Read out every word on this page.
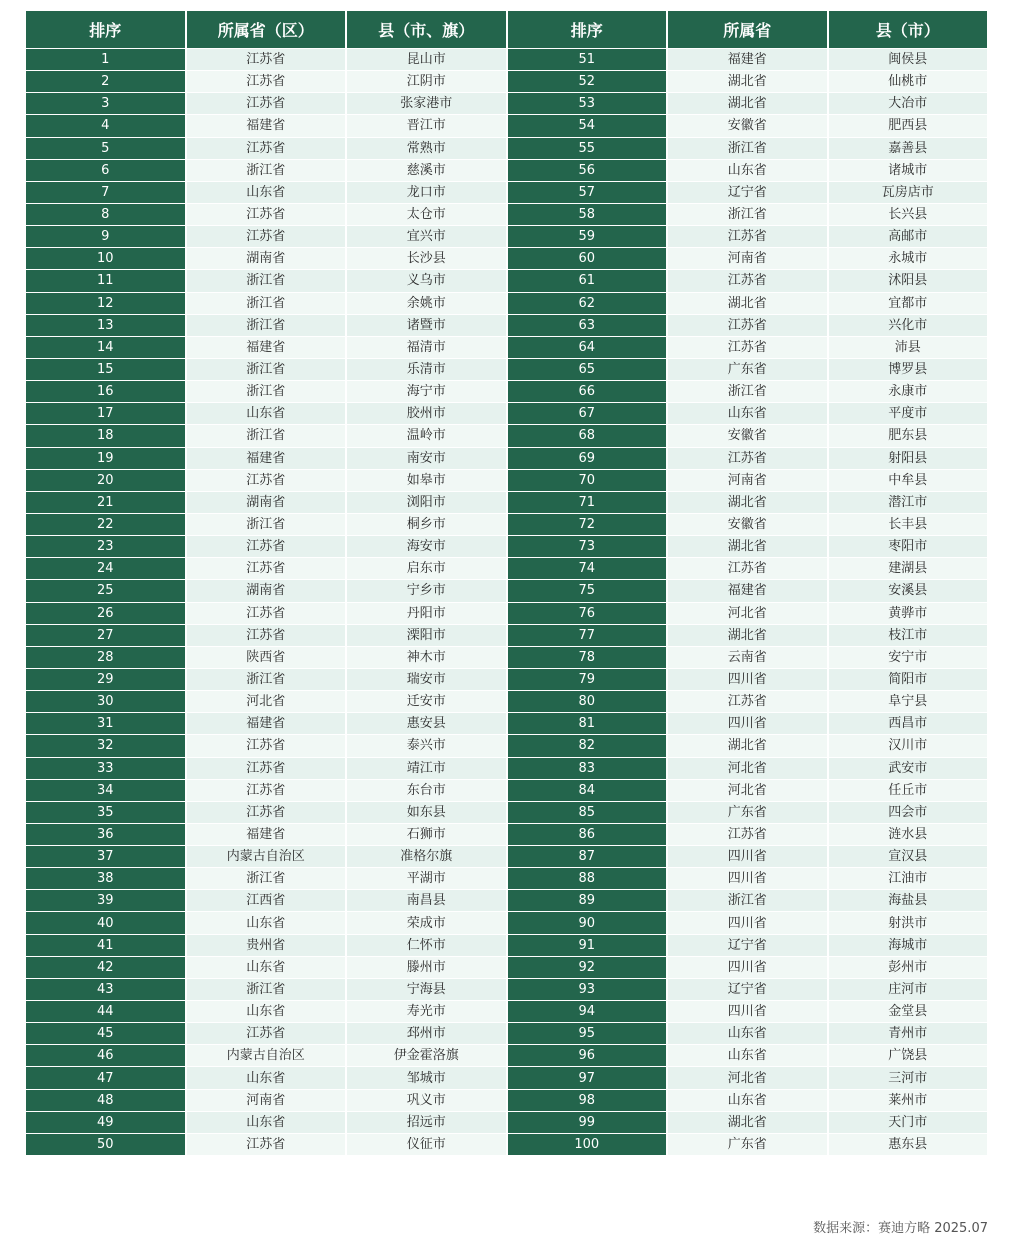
排序	所属省（区）	县（市、旗）	排序	所属省	县（市）
1	江苏省	昆山市	51	福建省	闽侯县
2	江苏省	江阴市	52	湖北省	仙桃市
3	江苏省	张家港市	53	湖北省	大冶市
4	福建省	晋江市	54	安徽省	肥西县
5	江苏省	常熟市	55	浙江省	嘉善县
6	浙江省	慈溪市	56	山东省	诸城市
7	山东省	龙口市	57	辽宁省	瓦房店市
8	江苏省	太仓市	58	浙江省	长兴县
9	江苏省	宜兴市	59	江苏省	高邮市
10	湖南省	长沙县	60	河南省	永城市
11	浙江省	义乌市	61	江苏省	沭阳县
12	浙江省	余姚市	62	湖北省	宜都市
13	浙江省	诸暨市	63	江苏省	兴化市
14	福建省	福清市	64	江苏省	沛县
15	浙江省	乐清市	65	广东省	博罗县
16	浙江省	海宁市	66	浙江省	永康市
17	山东省	胶州市	67	山东省	平度市
18	浙江省	温岭市	68	安徽省	肥东县
19	福建省	南安市	69	江苏省	射阳县
20	江苏省	如皋市	70	河南省	中牟县
21	湖南省	浏阳市	71	湖北省	潜江市
22	浙江省	桐乡市	72	安徽省	长丰县
23	江苏省	海安市	73	湖北省	枣阳市
24	江苏省	启东市	74	江苏省	建湖县
25	湖南省	宁乡市	75	福建省	安溪县
26	江苏省	丹阳市	76	河北省	黄骅市
27	江苏省	溧阳市	77	湖北省	枝江市
28	陕西省	神木市	78	云南省	安宁市
29	浙江省	瑞安市	79	四川省	简阳市
30	河北省	迁安市	80	江苏省	阜宁县
31	福建省	惠安县	81	四川省	西昌市
32	江苏省	泰兴市	82	湖北省	汉川市
33	江苏省	靖江市	83	河北省	武安市
34	江苏省	东台市	84	河北省	任丘市
35	江苏省	如东县	85	广东省	四会市
36	福建省	石狮市	86	江苏省	涟水县
37	内蒙古自治区	准格尔旗	87	四川省	宣汉县
38	浙江省	平湖市	88	四川省	江油市
39	江西省	南昌县	89	浙江省	海盐县
40	山东省	荣成市	90	四川省	射洪市
41	贵州省	仁怀市	91	辽宁省	海城市
42	山东省	滕州市	92	四川省	彭州市
43	浙江省	宁海县	93	辽宁省	庄河市
44	山东省	寿光市	94	四川省	金堂县
45	江苏省	邳州市	95	山东省	青州市
46	内蒙古自治区	伊金霍洛旗	96	山东省	广饶县
47	山东省	邹城市	97	河北省	三河市
48	河南省	巩义市	98	山东省	莱州市
49	山东省	招远市	99	湖北省	天门市
50	江苏省	仪征市	100	广东省	惠东县
数据来源：赛迪方略 2025.07
